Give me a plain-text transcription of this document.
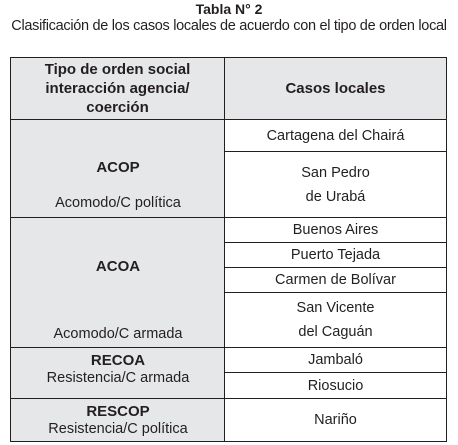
Tabla N° 2
Clasificación de los casos locales de acuerdo con el tipo de orden local
Tipo de orden social
interacción agencia/
coerción
Casos locales
ACOP
Acomodo/C política
Cartagena del Chairá
San Pedro
de Urabá
ACOA
Acomodo/C armada
Buenos Aires
Puerto Tejada
Carmen de Bolívar
San Vicente
del Caguán
RECOA
Resistencia/C armada
Jambaló
Riosucio
RESCOP
Resistencia/C política
Nariño
